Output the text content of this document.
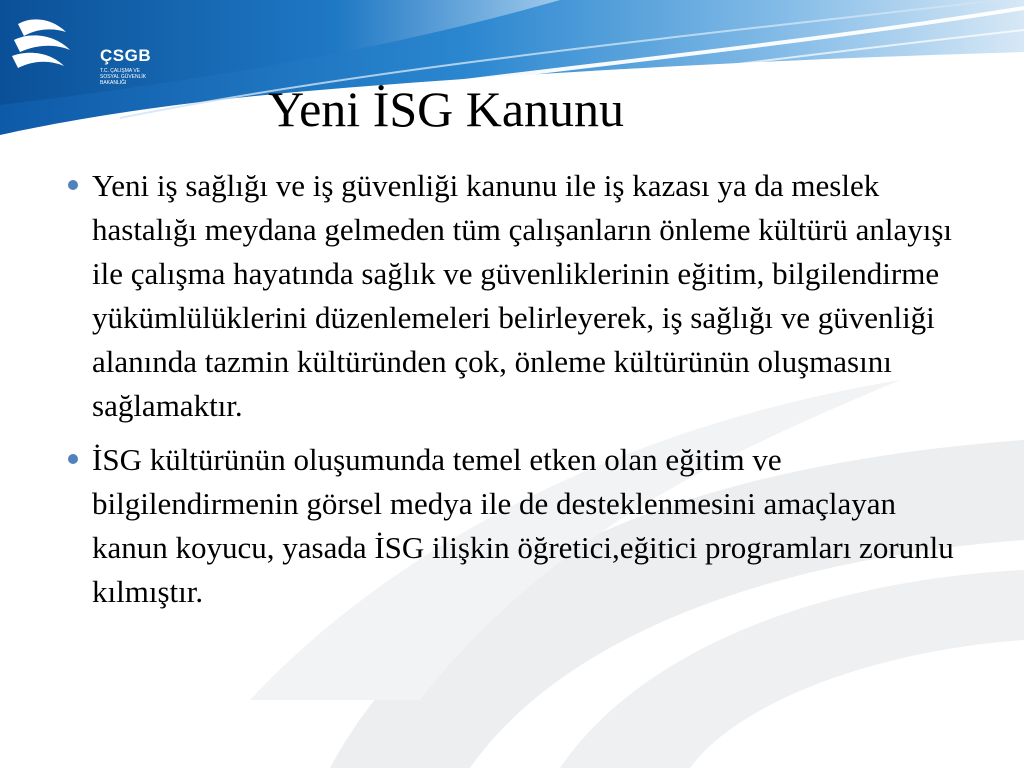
ÇSGB
T.C. ÇALIŞMA VE
SOSYAL GÜVENLİK
BAKANLIĞI	Yeni İSG Kanunu
Yeni iş sağlığı ve iş güvenliği kanunu ile iş kazası ya da meslek hastalığı meydana gelmeden tüm çalışanların önleme kültürü anlayışı ile çalışma hayatında sağlık ve güvenliklerinin eğitim, bilgilendirme yükümlülüklerini düzenlemeleri belirleyerek, iş sağlığı ve güvenliği alanında tazmin kültüründen çok, önleme kültürünün oluşmasını sağlamaktır.
İSG kültürünün oluşumunda temel etken olan eğitim ve bilgilendirmenin görsel medya ile de desteklenmesini amaçlayan kanun koyucu, yasada İSG ilişkin öğretici,eğitici programları zorunlu kılmıştır.
